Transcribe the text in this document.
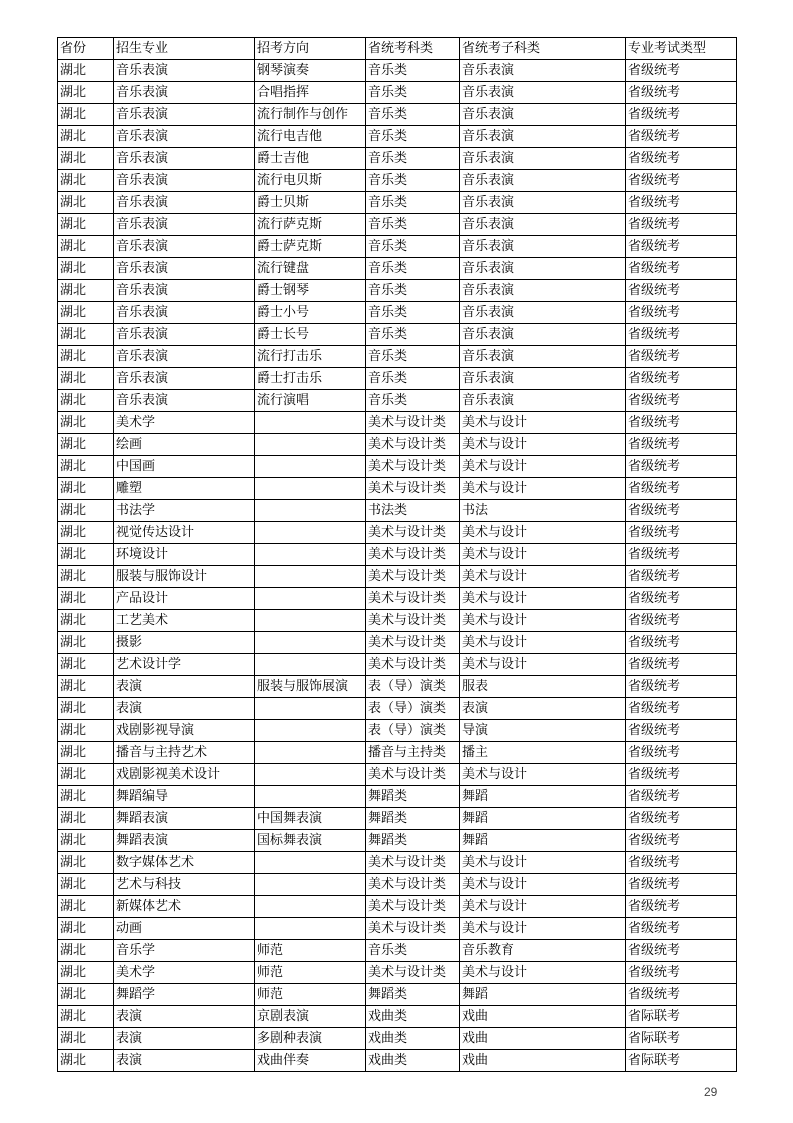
省份	招生专业	招考方向	省统考科类	省统考子科类	专业考试类型
湖北	音乐表演	钢琴演奏	音乐类	音乐表演	省级统考
湖北	音乐表演	合唱指挥	音乐类	音乐表演	省级统考
湖北	音乐表演	流行制作与创作	音乐类	音乐表演	省级统考
湖北	音乐表演	流行电吉他	音乐类	音乐表演	省级统考
湖北	音乐表演	爵士吉他	音乐类	音乐表演	省级统考
湖北	音乐表演	流行电贝斯	音乐类	音乐表演	省级统考
湖北	音乐表演	爵士贝斯	音乐类	音乐表演	省级统考
湖北	音乐表演	流行萨克斯	音乐类	音乐表演	省级统考
湖北	音乐表演	爵士萨克斯	音乐类	音乐表演	省级统考
湖北	音乐表演	流行键盘	音乐类	音乐表演	省级统考
湖北	音乐表演	爵士钢琴	音乐类	音乐表演	省级统考
湖北	音乐表演	爵士小号	音乐类	音乐表演	省级统考
湖北	音乐表演	爵士长号	音乐类	音乐表演	省级统考
湖北	音乐表演	流行打击乐	音乐类	音乐表演	省级统考
湖北	音乐表演	爵士打击乐	音乐类	音乐表演	省级统考
湖北	音乐表演	流行演唱	音乐类	音乐表演	省级统考
湖北	美术学		美术与设计类	美术与设计	省级统考
湖北	绘画		美术与设计类	美术与设计	省级统考
湖北	中国画		美术与设计类	美术与设计	省级统考
湖北	雕塑		美术与设计类	美术与设计	省级统考
湖北	书法学		书法类	书法	省级统考
湖北	视觉传达设计		美术与设计类	美术与设计	省级统考
湖北	环境设计		美术与设计类	美术与设计	省级统考
湖北	服装与服饰设计		美术与设计类	美术与设计	省级统考
湖北	产品设计		美术与设计类	美术与设计	省级统考
湖北	工艺美术		美术与设计类	美术与设计	省级统考
湖北	摄影		美术与设计类	美术与设计	省级统考
湖北	艺术设计学		美术与设计类	美术与设计	省级统考
湖北	表演	服装与服饰展演	表（导）演类	服表	省级统考
湖北	表演		表（导）演类	表演	省级统考
湖北	戏剧影视导演		表（导）演类	导演	省级统考
湖北	播音与主持艺术		播音与主持类	播主	省级统考
湖北	戏剧影视美术设计		美术与设计类	美术与设计	省级统考
湖北	舞蹈编导		舞蹈类	舞蹈	省级统考
湖北	舞蹈表演	中国舞表演	舞蹈类	舞蹈	省级统考
湖北	舞蹈表演	国标舞表演	舞蹈类	舞蹈	省级统考
湖北	数字媒体艺术		美术与设计类	美术与设计	省级统考
湖北	艺术与科技		美术与设计类	美术与设计	省级统考
湖北	新媒体艺术		美术与设计类	美术与设计	省级统考
湖北	动画		美术与设计类	美术与设计	省级统考
湖北	音乐学	师范	音乐类	音乐教育	省级统考
湖北	美术学	师范	美术与设计类	美术与设计	省级统考
湖北	舞蹈学	师范	舞蹈类	舞蹈	省级统考
湖北	表演	京剧表演	戏曲类	戏曲	省际联考
湖北	表演	多剧种表演	戏曲类	戏曲	省际联考
湖北	表演	戏曲伴奏	戏曲类	戏曲	省际联考
29
